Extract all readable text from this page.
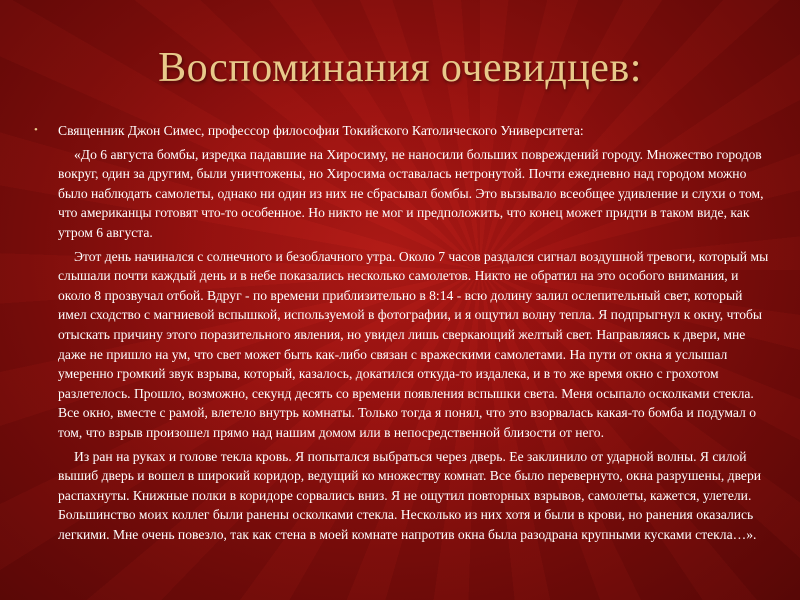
Воспоминания очевидцев:

• Священник Джон Симес, профессор философии Токийского Католического Университета:

«До 6 августа бомбы, изредка падавшие на Хиросиму, не наносили больших повреждений городу. Множество городов вокруг, один за другим, были уничтожены, но Хиросима оставалась нетронутой. Почти ежедневно над городом можно было наблюдать самолеты, однако ни один из них не сбрасывал бомбы. Это вызывало всеобщее удивление и слухи о том, что американцы готовят что-то особенное. Но никто не мог и предположить, что конец может придти в таком виде, как утром 6 августа.

Этот день начинался с солнечного и безоблачного утра. Около 7 часов раздался сигнал воздушной тревоги, который мы слышали почти каждый день и в небе показались несколько самолетов. Никто не обратил на это особого внимания, и около 8 прозвучал отбой. Вдруг - по времени приблизительно в 8:14 - всю долину залил ослепительный свет, который имел сходство с магниевой вспышкой, используемой в фотографии, и я ощутил волну тепла. Я подпрыгнул к окну, чтобы отыскать причину этого поразительного явления, но увидел лишь сверкающий желтый свет. Направляясь к двери, мне даже не пришло на ум, что свет может быть как-либо связан с вражескими самолетами. На пути от окна я услышал умеренно громкий звук взрыва, который, казалось, докатился откуда-то издалека, и в то же время окно с грохотом разлетелось. Прошло, возможно, секунд десять со времени появления вспышки света. Меня осыпало осколками стекла. Все окно, вместе с рамой, влетело внутрь комнаты. Только тогда я понял, что это взорвалась какая-то бомба и подумал о том, что взрыв произошел прямо над нашим домом или в непосредственной близости от него.

Из ран на руках и голове текла кровь. Я попытался выбраться через дверь. Ее заклинило от ударной волны. Я силой вышиб дверь и вошел в широкий коридор, ведущий ко множеству комнат. Все было перевернуто, окна разрушены, двери распахнуты. Книжные полки в коридоре сорвались вниз. Я не ощутил повторных взрывов, самолеты, кажется, улетели. Большинство моих коллег были ранены осколками стекла. Несколько из них хотя и были в крови, но ранения оказались легкими. Мне очень повезло, так как стена в моей комнате напротив окна была разодрана крупными кусками стекла…».
